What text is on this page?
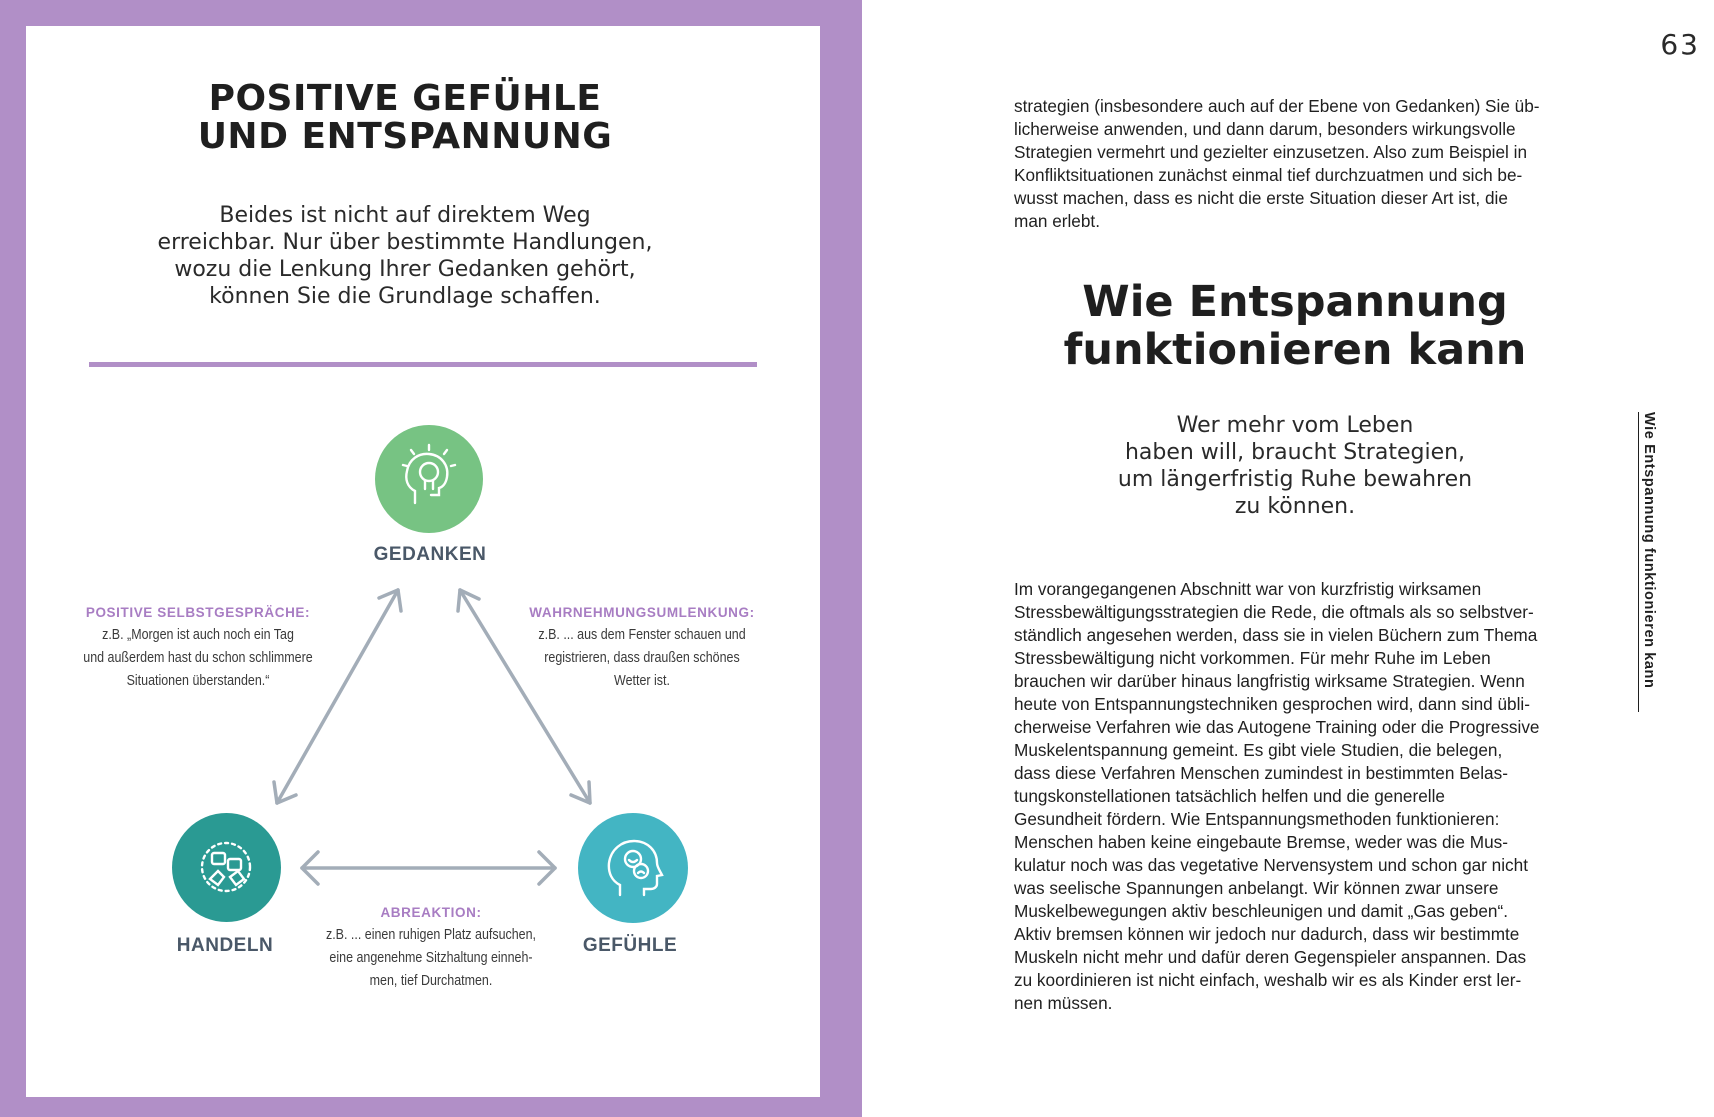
POSITIVE GEFÜHLE
UND ENTSPANNUNG
Beides ist nicht auf direktem Weg
erreichbar. Nur über bestimmte Handlungen,
wozu die Lenkung Ihrer Gedanken gehört,
können Sie die Grundlage schaffen.
GEDANKEN
HANDELN	GEFÜHLE
POSITIVE SELBSTGESPRÄCHE:
z.B. „Morgen ist auch noch ein Tag
und außerdem hast du schon schlimmere
Situationen überstanden.“
WAHRNEHMUNGSUMLENKUNG:
z.B. ... aus dem Fenster schauen und
registrieren, dass draußen schönes
Wetter ist.
ABREAKTION:
z.B. ... einen ruhigen Platz aufsuchen,
eine angenehme Sitzhaltung einneh-
men, tief Durchatmen.
63
strategien (insbesondere auch auf der Ebene von Gedanken) Sie üb-
licherweise anwenden, und dann darum, besonders wirkungsvolle
Strategien vermehrt und gezielter einzusetzen. Also zum Beispiel in
Konfliktsituationen zunächst einmal tief durchzuatmen und sich be-
wusst machen, dass es nicht die erste Situation dieser Art ist, die
man erlebt.
Wie Entspannung
funktionieren kann
Wer mehr vom Leben
haben will, braucht Strategien,
um längerfristig Ruhe bewahren
zu können.
Im vorangegangenen Abschnitt war von kurzfristig wirksamen
Stressbewältigungsstrategien die Rede, die oftmals als so selbstver-
ständlich angesehen werden, dass sie in vielen Büchern zum Thema
Stressbewältigung nicht vorkommen. Für mehr Ruhe im Leben
brauchen wir darüber hinaus langfristig wirksame Strategien. Wenn
heute von Entspannungstechniken gesprochen wird, dann sind übli-
cherweise Verfahren wie das Autogene Training oder die Progressive
Muskelentspannung gemeint. Es gibt viele Studien, die belegen,
dass diese Verfahren Menschen zumindest in bestimmten Belas-
tungskonstellationen tatsächlich helfen und die generelle
Gesundheit fördern. Wie Entspannungsmethoden funktionieren:
Menschen haben keine eingebaute Bremse, weder was die Mus-
kulatur noch was das vegetative Nervensystem und schon gar nicht
was seelische Spannungen anbelangt. Wir können zwar unsere
Muskelbewegungen aktiv beschleunigen und damit „Gas geben“.
Aktiv bremsen können wir jedoch nur dadurch, dass wir bestimmte
Muskeln nicht mehr und dafür deren Gegenspieler anspannen. Das
zu koordinieren ist nicht einfach, weshalb wir es als Kinder erst ler-
nen müssen.
Wie Entspannung funktionieren kann
